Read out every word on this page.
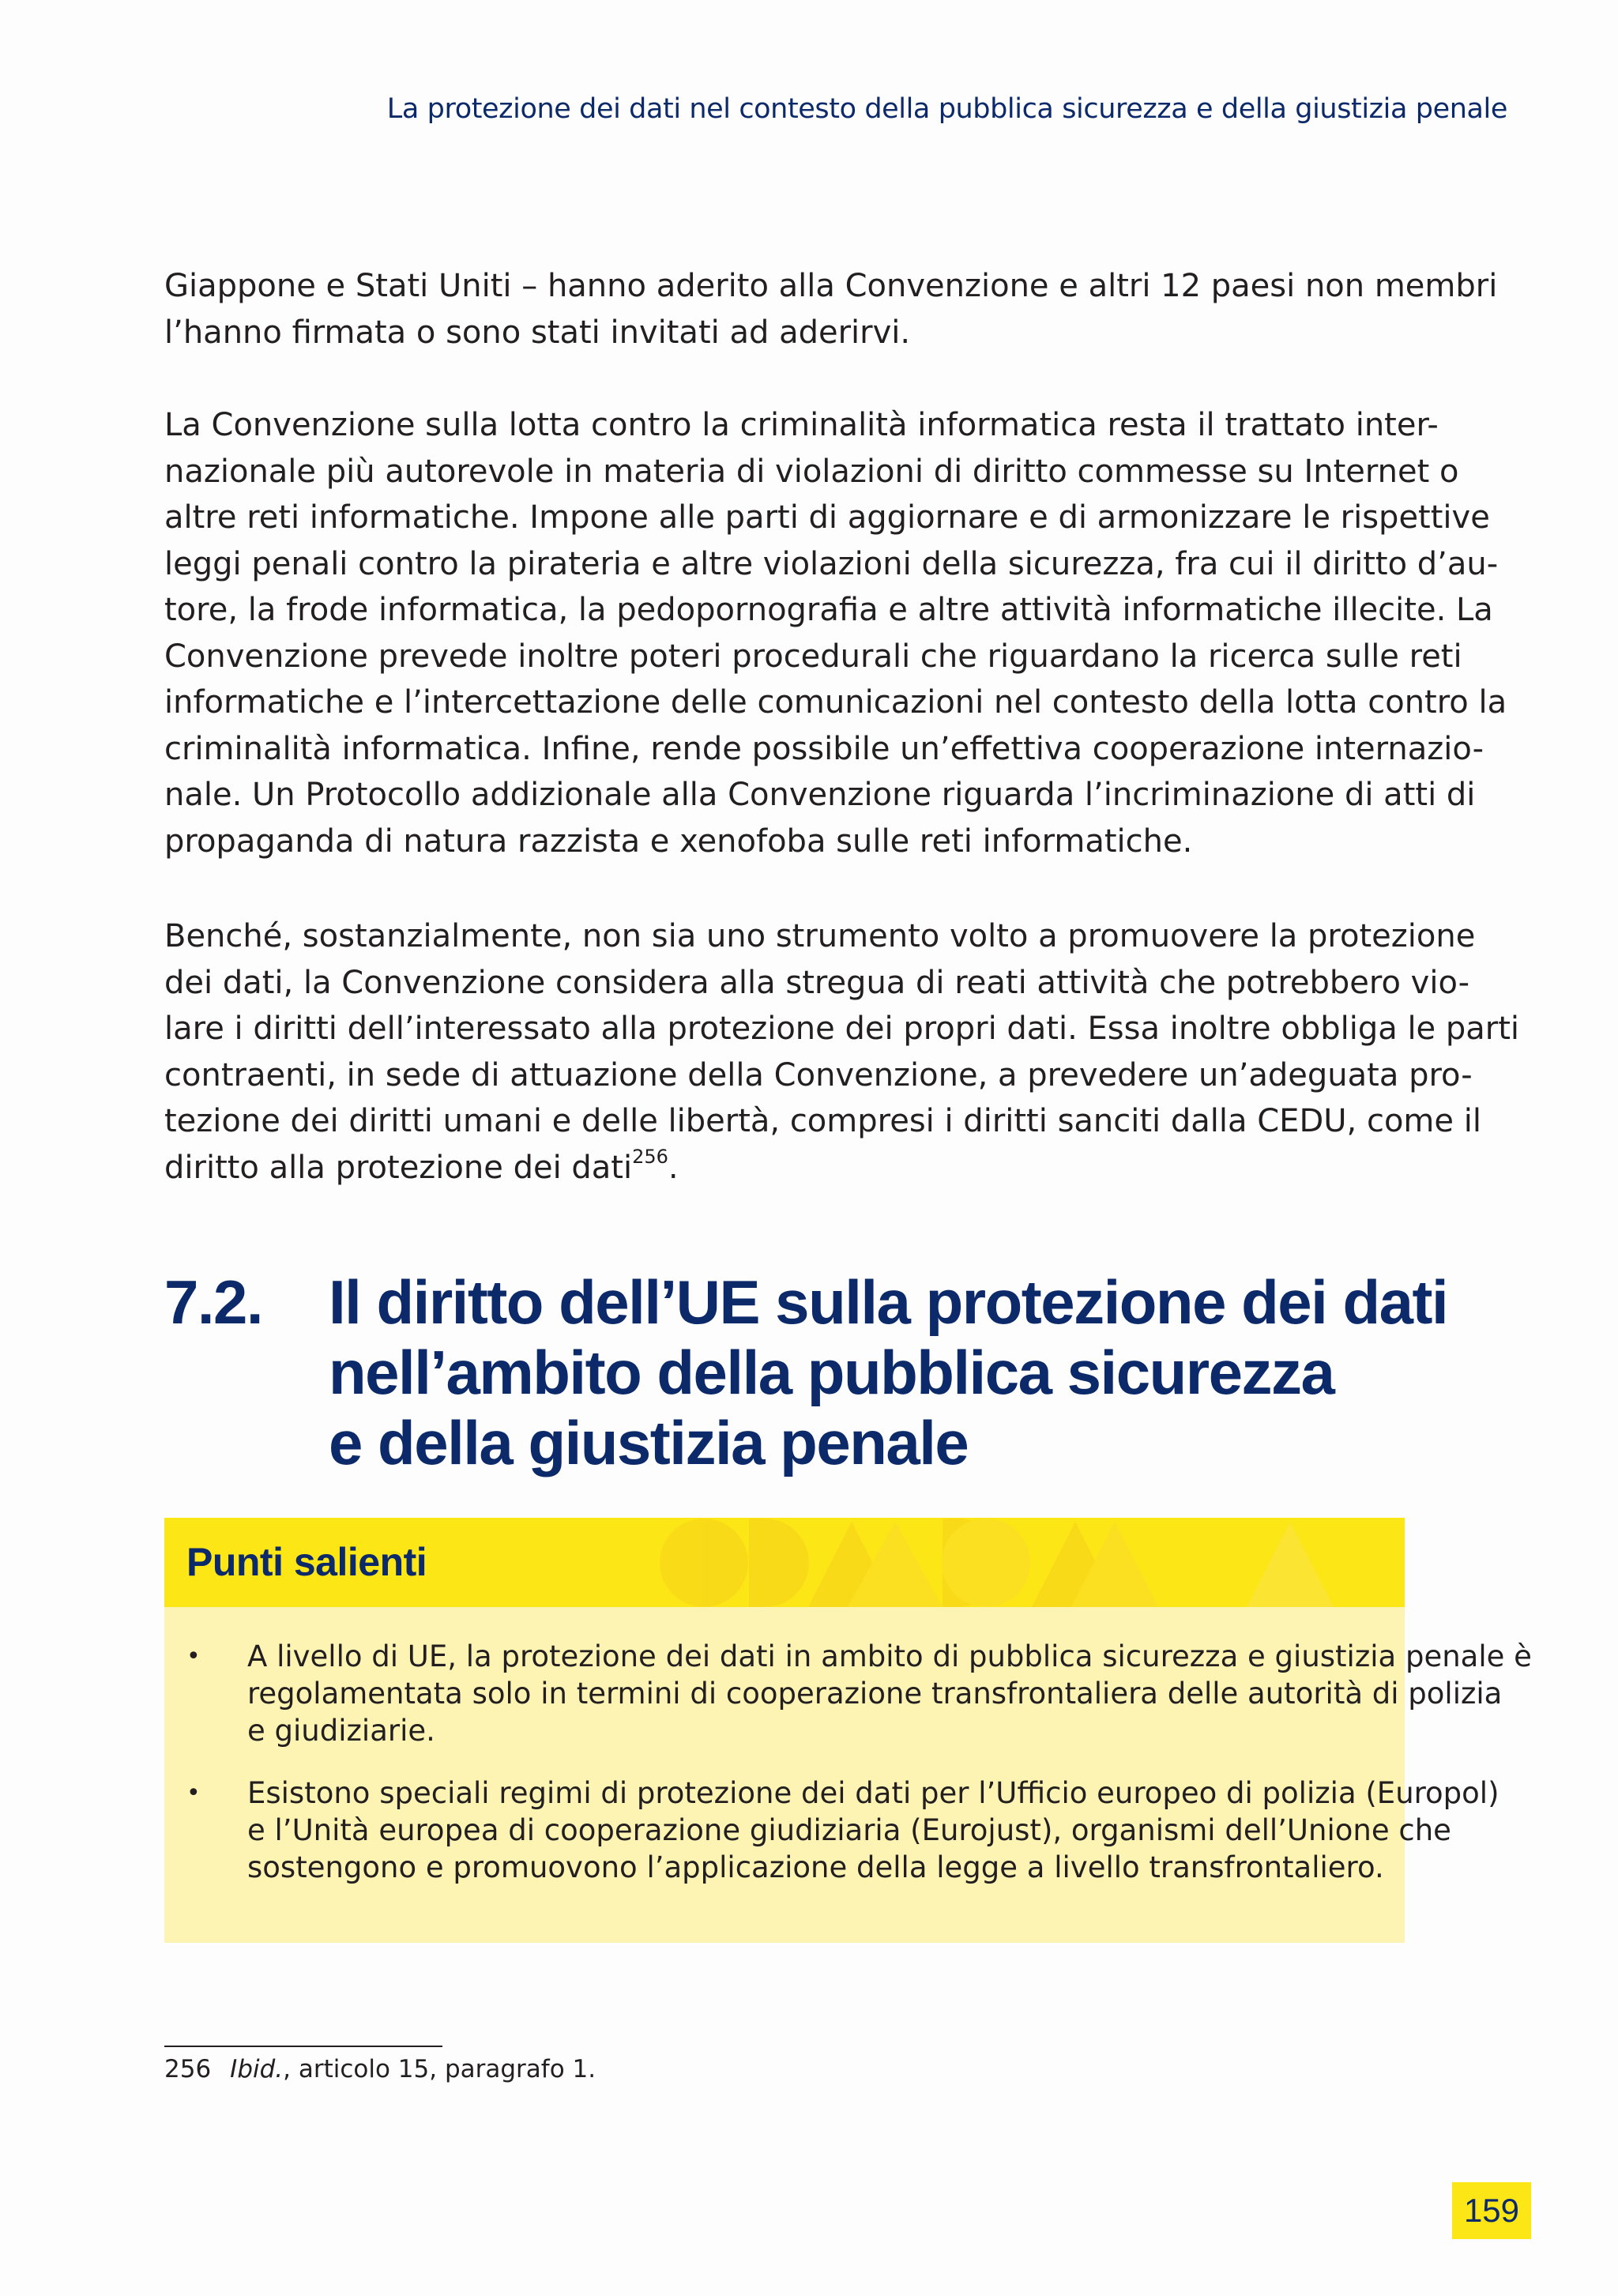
La protezione dei dati nel contesto della pubblica sicurezza e della giustizia penale

Giappone e Stati Uniti – hanno aderito alla Convenzione e altri 12 paesi non membri
l’hanno firmata o sono stati invitati ad aderirvi.

La Convenzione sulla lotta contro la criminalità informatica resta il trattato inter-
nazionale più autorevole in materia di violazioni di diritto commesse su Internet o
altre reti informatiche. Impone alle parti di aggiornare e di armonizzare le rispettive
leggi penali contro la pirateria e altre violazioni della sicurezza, fra cui il diritto d’au-
tore, la frode informatica, la pedopornografia e altre attività informatiche illecite. La
Convenzione prevede inoltre poteri procedurali che riguardano la ricerca sulle reti
informatiche e l’intercettazione delle comunicazioni nel contesto della lotta contro la
criminalità informatica. Infine, rende possibile un’effettiva cooperazione internazio-
nale. Un Protocollo addizionale alla Convenzione riguarda l’incriminazione di atti di
propaganda di natura razzista e xenofoba sulle reti informatiche.

Benché, sostanzialmente, non sia uno strumento volto a promuovere la protezione
dei dati, la Convenzione considera alla stregua di reati attività che potrebbero vio-
lare i diritti dell’interessato alla protezione dei propri dati. Essa inoltre obbliga le parti
contraenti, in sede di attuazione della Convenzione, a prevedere un’adeguata pro-
tezione dei diritti umani e delle libertà, compresi i diritti sanciti dalla CEDU, come il
diritto alla protezione dei dati$^{256}$.

7.2. Il diritto dell’UE sulla protezione dei dati
nell’ambito della pubblica sicurezza
e della giustizia penale
Punti salienti
• A livello di UE, la protezione dei dati in ambito di pubblica sicurezza e giustizia penale è
regolamentata solo in termini di cooperazione transfrontaliera delle autorità di polizia
e giudiziarie.
• Esistono speciali regimi di protezione dei dati per l’Ufficio europeo di polizia (Europol)
e l’Unità europea di cooperazione giudiziaria (Eurojust), organismi dell’Unione che
sostengono e promuovono l’applicazione della legge a livello transfrontaliero.
256 Ibid., articolo 15, paragrafo 1.
159
